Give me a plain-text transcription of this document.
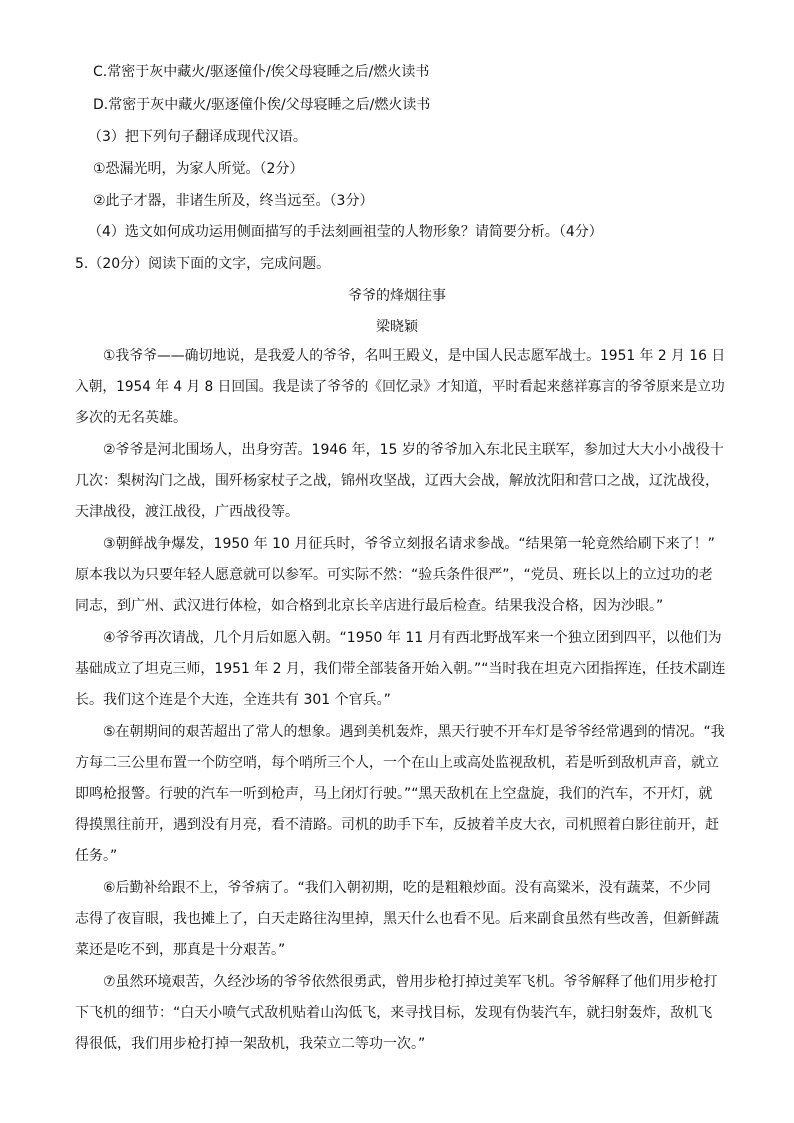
C.常密于灰中藏火/驱逐僮仆/俟父母寝睡之后/燃火读书
D.常密于灰中藏火/驱逐僮仆俟/父母寝睡之后/燃火读书
（3）把下列句子翻译成现代汉语。
①恐漏光明，为家人所觉。（2分）
②此子才器，非诸生所及，终当远至。（3分）
（4）选文如何成功运用侧面描写的手法刻画祖莹的人物形象？请简要分析。（4分）
5.（20分）阅读下面的文字，完成问题。
爷爷的烽烟往事
梁晓颖
①我爷爷——确切地说，是我爱人的爷爷，名叫王殿义，是中国人民志愿军战士。1951 年 2 月 16 日
入朝，1954 年 4 月 8 日回国。我是读了爷爷的《回忆录》才知道，平时看起来慈祥寡言的爷爷原来是立功
多次的无名英雄。
②爷爷是河北围场人，出身穷苦。1946 年，15 岁的爷爷加入东北民主联军，参加过大大小小战役十
几次：梨树沟门之战，围歼杨家杖子之战，锦州攻坚战，辽西大会战，解放沈阳和营口之战，辽沈战役，
天津战役，渡江战役，广西战役等。
③朝鲜战争爆发，1950 年 10 月征兵时，爷爷立刻报名请求参战。“结果第一轮竟然给刷下来了！”
原本我以为只要年轻人愿意就可以参军。可实际不然：“验兵条件很严”，“党员、班长以上的立过功的老
同志，到广州、武汉进行体检，如合格到北京长辛店进行最后检查。结果我没合格，因为沙眼。”
④爷爷再次请战，几个月后如愿入朝。“1950 年 11 月有西北野战军来一个独立团到四平，以他们为
基础成立了坦克三师，1951 年 2 月，我们带全部装备开始入朝。”“当时我在坦克六团指挥连，任技术副连
长。我们这个连是个大连，全连共有 301 个官兵。”
⑤在朝期间的艰苦超出了常人的想象。遇到美机轰炸，黑天行驶不开车灯是爷爷经常遇到的情况。“我
方每二三公里布置一个防空哨，每个哨所三个人，一个在山上或高处监视敌机，若是听到敌机声音，就立
即鸣枪报警。行驶的汽车一听到枪声，马上闭灯行驶。”“黑天敌机在上空盘旋，我们的汽车，不开灯，就
得摸黑往前开，遇到没有月亮，看不清路。司机的助手下车，反披着羊皮大衣，司机照着白影往前开，赶
任务。”
⑥后勤补给跟不上，爷爷病了。“我们入朝初期，吃的是粗粮炒面。没有高粱米，没有蔬菜，不少同
志得了夜盲眼，我也摊上了，白天走路往沟里掉，黑天什么也看不见。后来副食虽然有些改善，但新鲜蔬
菜还是吃不到，那真是十分艰苦。”
⑦虽然环境艰苦，久经沙场的爷爷依然很勇武，曾用步枪打掉过美军飞机。爷爷解释了他们用步枪打
下飞机的细节：“白天小喷气式敌机贴着山沟低飞，来寻找目标，发现有伪装汽车，就扫射轰炸，敌机飞
得很低，我们用步枪打掉一架敌机，我荣立二等功一次。”
